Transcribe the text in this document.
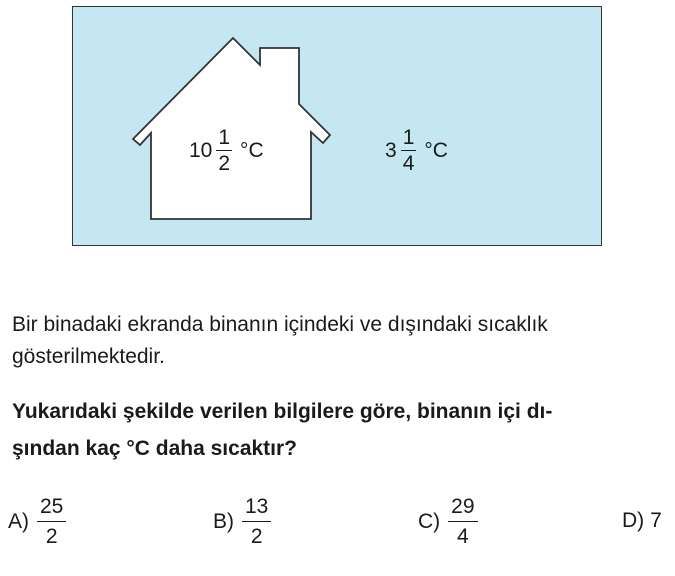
$10 \frac{1}{2} ^\circ C$	$3 \frac{1}{4} ^\circ C$
Bir binadaki ekranda binanın içindeki ve dışındaki sıcaklık
gösterilmektedir.
Yukarıdaki şekilde verilen bilgilere göre, binanın içi dı-
şından kaç °C daha sıcaktır?
$A) \frac{25}{2}$	$B) \frac{13}{2}$	$C) \frac{29}{4}$	D) 7
